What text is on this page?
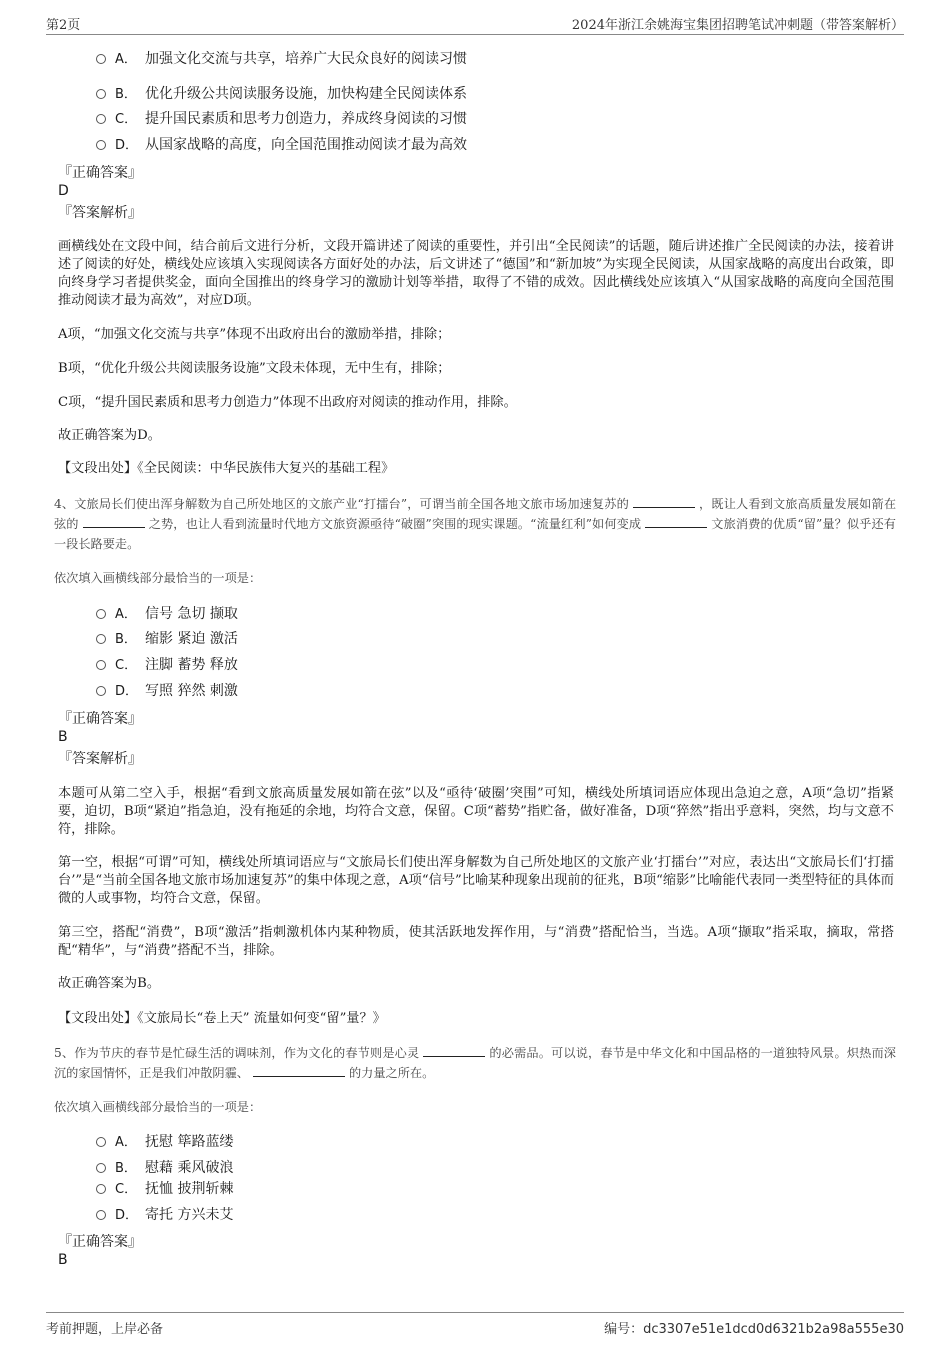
第2页	2024年浙江余姚海宝集团招聘笔试冲刺题（带答案解析）
A． 加强文化交流与共享，培养广大民众良好的阅读习惯
B． 优化升级公共阅读服务设施，加快构建全民阅读体系
C． 提升国民素质和思考力创造力，养成终身阅读的习惯
D． 从国家战略的高度，向全国范围推动阅读才最为高效
『正确答案』
D
『答案解析』
画横线处在文段中间，结合前后文进行分析，文段开篇讲述了阅读的重要性，并引出“全民阅读”的话题，随后讲述推广全民阅读的办法，接着讲述了阅读的好处，横线处应该填入实现阅读各方面好处的办法，后文讲述了“德国”和“新加坡”为实现全民阅读，从国家战略的高度出台政策，即向终身学习者提供奖金，面向全国推出的终身学习的激励计划等举措，取得了不错的成效。因此横线处应该填入“从国家战略的高度向全国范围推动阅读才最为高效”，对应D项。
A项，“加强文化交流与共享”体现不出政府出台的激励举措，排除；
B项，“优化升级公共阅读服务设施”文段未体现，无中生有，排除；
C项，“提升国民素质和思考力创造力”体现不出政府对阅读的推动作用，排除。
故正确答案为D。
【文段出处】《全民阅读：中华民族伟大复兴的基础工程》
4、文旅局长们使出浑身解数为自己所处地区的文旅产业“打擂台”，可谓当前全国各地文旅市场加速复苏的	，既让人看到文旅高质量发展如箭在弦的	之势，也让人看到流量时代地方文旅资源亟待“破圈”突围的现实课题。“流量红利”如何变成	文旅消费的优质“留”量？似乎还有一段长路要走。
依次填入画横线部分最恰当的一项是：
A． 信号 急切 撷取
B． 缩影 紧迫 激活
C． 注脚 蓄势 释放
D． 写照 猝然 刺激
『正确答案』
B
『答案解析』
本题可从第二空入手，根据“看到文旅高质量发展如箭在弦”以及“亟待‘破圈’突围”可知，横线处所填词语应体现出急迫之意，A项“急切”指紧要，迫切，B项“紧迫”指急迫，没有拖延的余地，均符合文意，保留。C项“蓄势”指贮备，做好准备，D项“猝然”指出乎意料，突然，均与文意不符，排除。
第一空，根据“可谓”可知，横线处所填词语应与“文旅局长们使出浑身解数为自己所处地区的文旅产业‘打擂台’”对应，表达出“文旅局长们‘打擂台’”是“当前全国各地文旅市场加速复苏”的集中体现之意，A项“信号”比喻某种现象出现前的征兆，B项“缩影”比喻能代表同一类型特征的具体而微的人或事物，均符合文意，保留。
第三空，搭配“消费”，B项“激活”指刺激机体内某种物质，使其活跃地发挥作用，与“消费”搭配恰当，当选。A项“撷取”指采取，摘取，常搭配“精华”，与“消费”搭配不当，排除。
故正确答案为B。
【文段出处】《文旅局长“卷上天” 流量如何变“留”量？》
5、作为节庆的春节是忙碌生活的调味剂，作为文化的春节则是心灵	的必需品。可以说，春节是中华文化和中国品格的一道独特风景。炽热而深沉的家国情怀，正是我们冲散阴霾、	的力量之所在。
依次填入画横线部分最恰当的一项是：
A． 抚慰 筚路蓝缕
B． 慰藉 乘风破浪
C． 抚恤 披荆斩棘
D． 寄托 方兴未艾
『正确答案』
B
考前押题，上岸必备	编号：dc3307e51e1dcd0d6321b2a98a555e30
